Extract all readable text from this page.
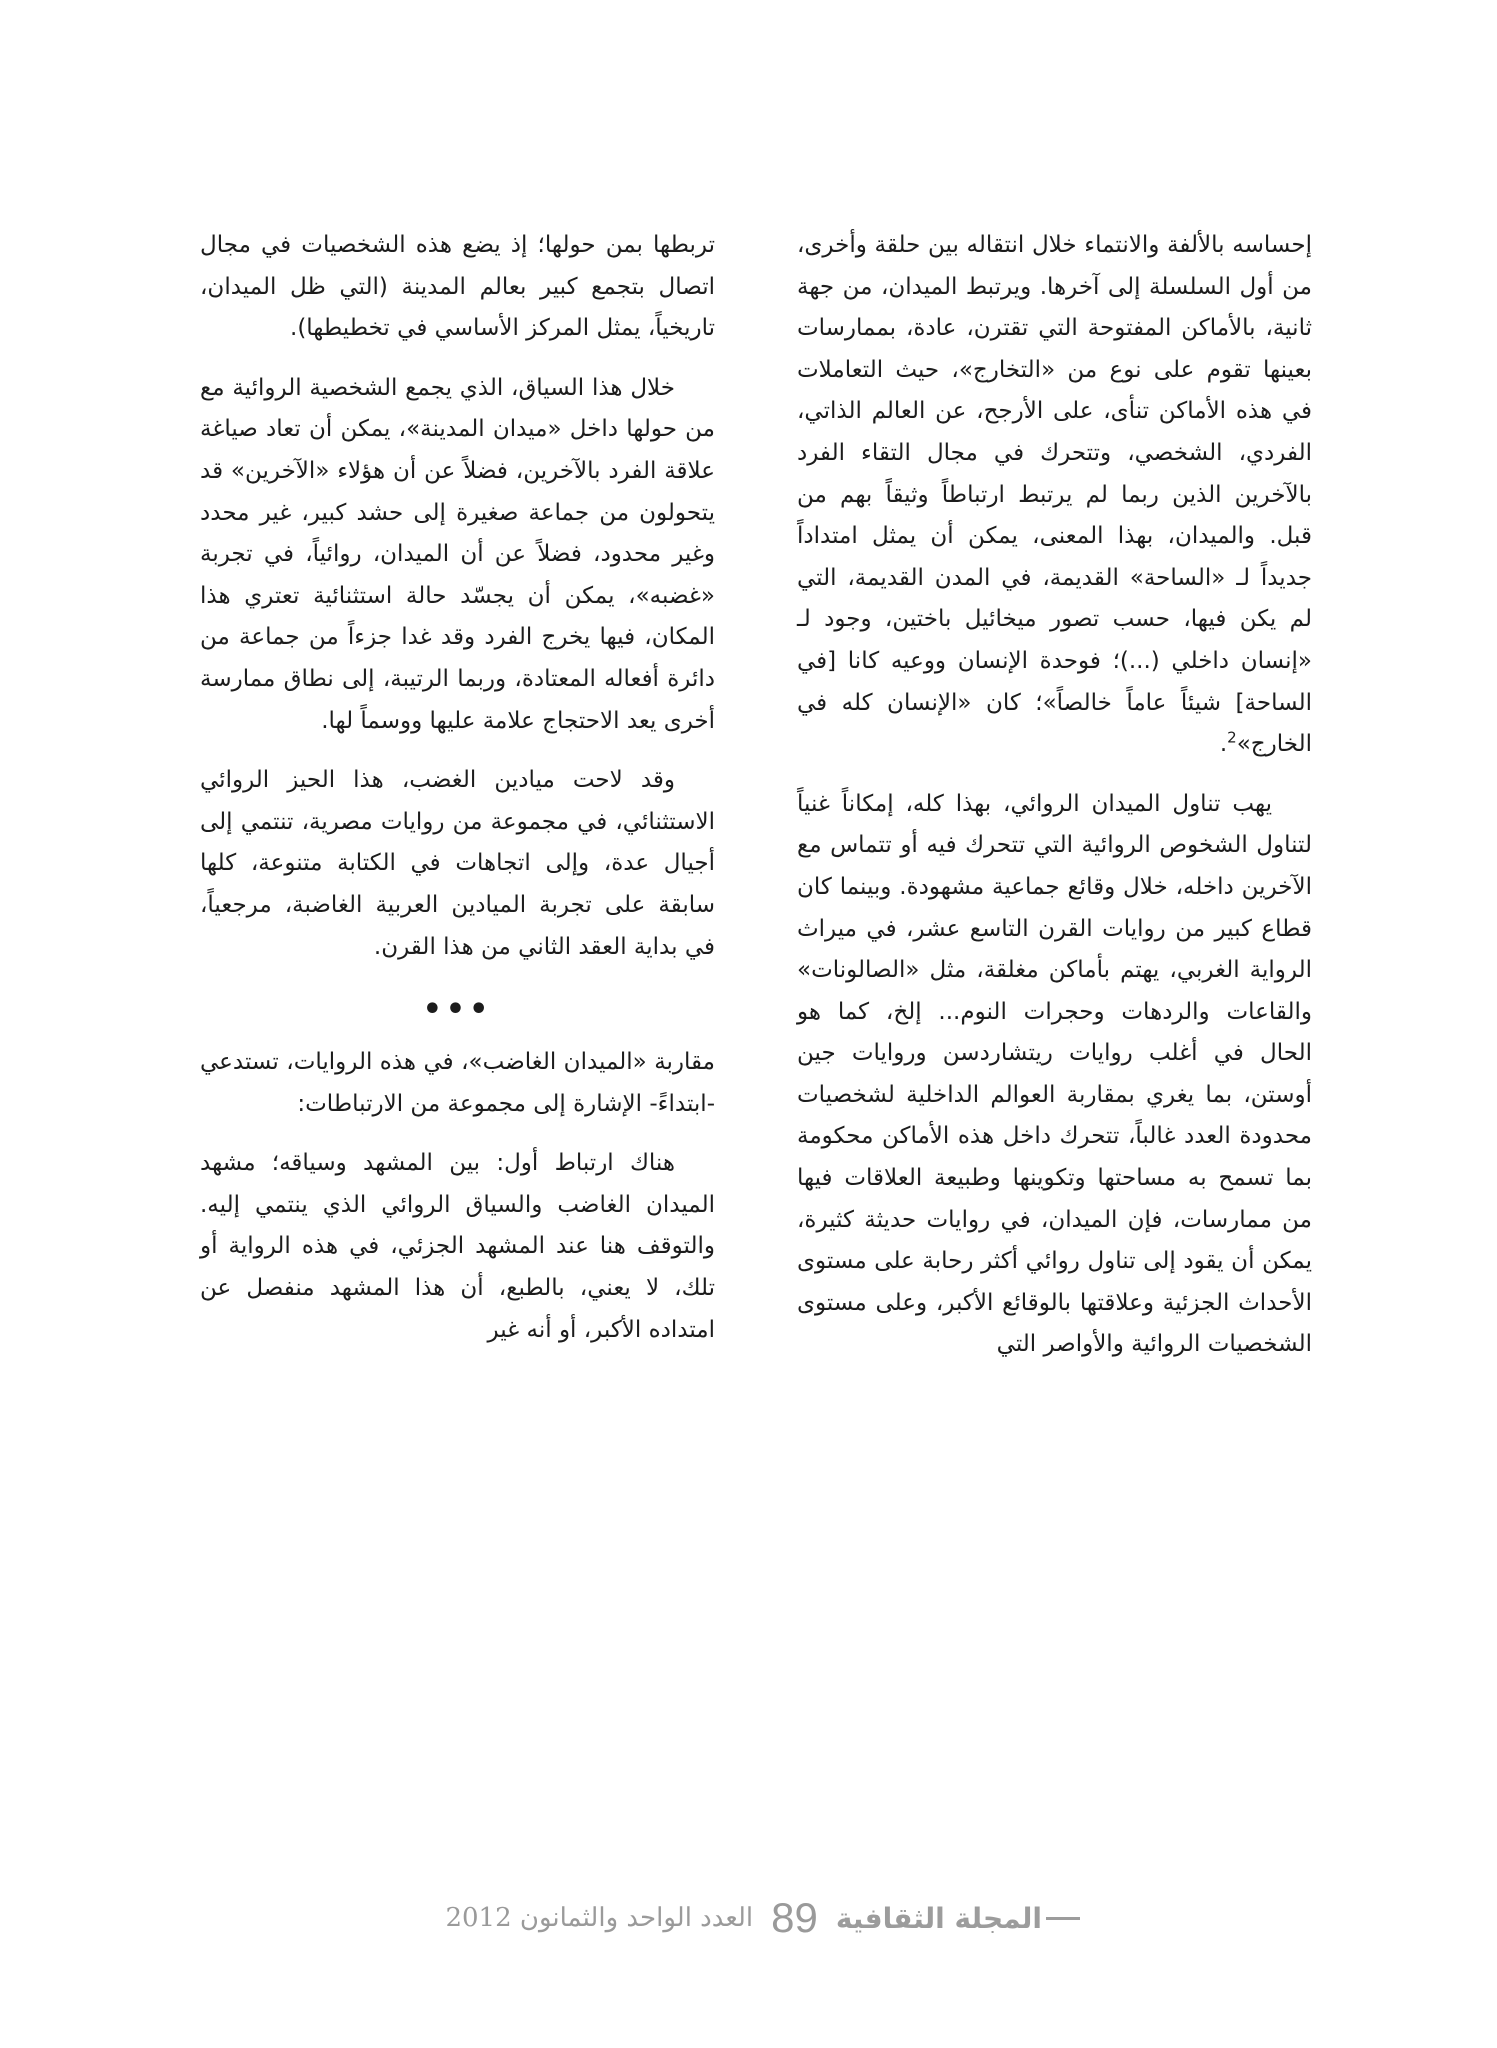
إحساسه بالألفة والانتماء خلال انتقاله بين حلقة وأخرى، من أول السلسلة إلى آخرها. ويرتبط الميدان، من جهة ثانية، بالأماكن المفتوحة التي تقترن، عادة، بممارسات بعينها تقوم على نوع من «التخارج»، حيث التعاملات في هذه الأماكن تنأى، على الأرجح، عن العالم الذاتي، الفردي، الشخصي، وتتحرك في مجال التقاء الفرد بالآخرين الذين ربما لم يرتبط ارتباطاً وثيقاً بهم من قبل. والميدان، بهذا المعنى، يمكن أن يمثل امتداداً جديداً لـ «الساحة» القديمة، في المدن القديمة، التي لم يكن فيها، حسب تصور ميخائيل باختين، وجود لـ «إنسان داخلي (...)؛ فوحدة الإنسان ووعيه كانا [في الساحة] شيئاً عاماً خالصاً»؛ كان «الإنسان كله في الخارج»$^2$.

يهب تناول الميدان الروائي، بهذا كله، إمكاناً غنياً لتناول الشخوص الروائية التي تتحرك فيه أو تتماس مع الآخرين داخله، خلال وقائع جماعية مشهودة. وبينما كان قطاع كبير من روايات القرن التاسع عشر، في ميراث الرواية الغربي، يهتم بأماكن مغلقة، مثل «الصالونات» والقاعات والردهات وحجرات النوم... إلخ، كما هو الحال في أغلب روايات ريتشاردسن وروايات جين أوستن، بما يغري بمقاربة العوالم الداخلية لشخصيات محدودة العدد غالباً، تتحرك داخل هذه الأماكن محكومة بما تسمح به مساحتها وتكوينها وطبيعة العلاقات فيها من ممارسات، فإن الميدان، في روايات حديثة كثيرة، يمكن أن يقود إلى تناول روائي أكثر رحابة على مستوى الأحداث الجزئية وعلاقتها بالوقائع الأكبر، وعلى مستوى الشخصيات الروائية والأواصر التي

تربطها بمن حولها؛ إذ يضع هذه الشخصيات في مجال اتصال بتجمع كبير بعالم المدينة (التي ظل الميدان، تاريخياً، يمثل المركز الأساسي في تخطيطها).

خلال هذا السياق، الذي يجمع الشخصية الروائية مع من حولها داخل «ميدان المدينة»، يمكن أن تعاد صياغة علاقة الفرد بالآخرين، فضلاً عن أن هؤلاء «الآخرين» قد يتحولون من جماعة صغيرة إلى حشد كبير، غير محدد وغير محدود، فضلاً عن أن الميدان، روائياً، في تجربة «غضبه»، يمكن أن يجسّد حالة استثنائية تعتري هذا المكان، فيها يخرج الفرد وقد غدا جزءاً من جماعة من دائرة أفعاله المعتادة، وربما الرتيبة، إلى نطاق ممارسة أخرى يعد الاحتجاج علامة عليها ووسماً لها.

وقد لاحت ميادين الغضب، هذا الحيز الروائي الاستثنائي، في مجموعة من روايات مصرية، تنتمي إلى أجيال عدة، وإلى اتجاهات في الكتابة متنوعة، كلها سابقة على تجربة الميادين العربية الغاضبة، مرجعياً، في بداية العقد الثاني من هذا القرن.

•••

مقاربة «الميدان الغاضب»، في هذه الروايات، تستدعي -ابتداءً- الإشارة إلى مجموعة من الارتباطات:

هناك ارتباط أول: بين المشهد وسياقه؛ مشهد الميدان الغاضب والسياق الروائي الذي ينتمي إليه. والتوقف هنا عند المشهد الجزئي، في هذه الرواية أو تلك، لا يعني، بالطبع، أن هذا المشهد منفصل عن امتداده الأكبر، أو أنه غير

المجلة الثقافية
89
العدد الواحد والثمانون 2012
